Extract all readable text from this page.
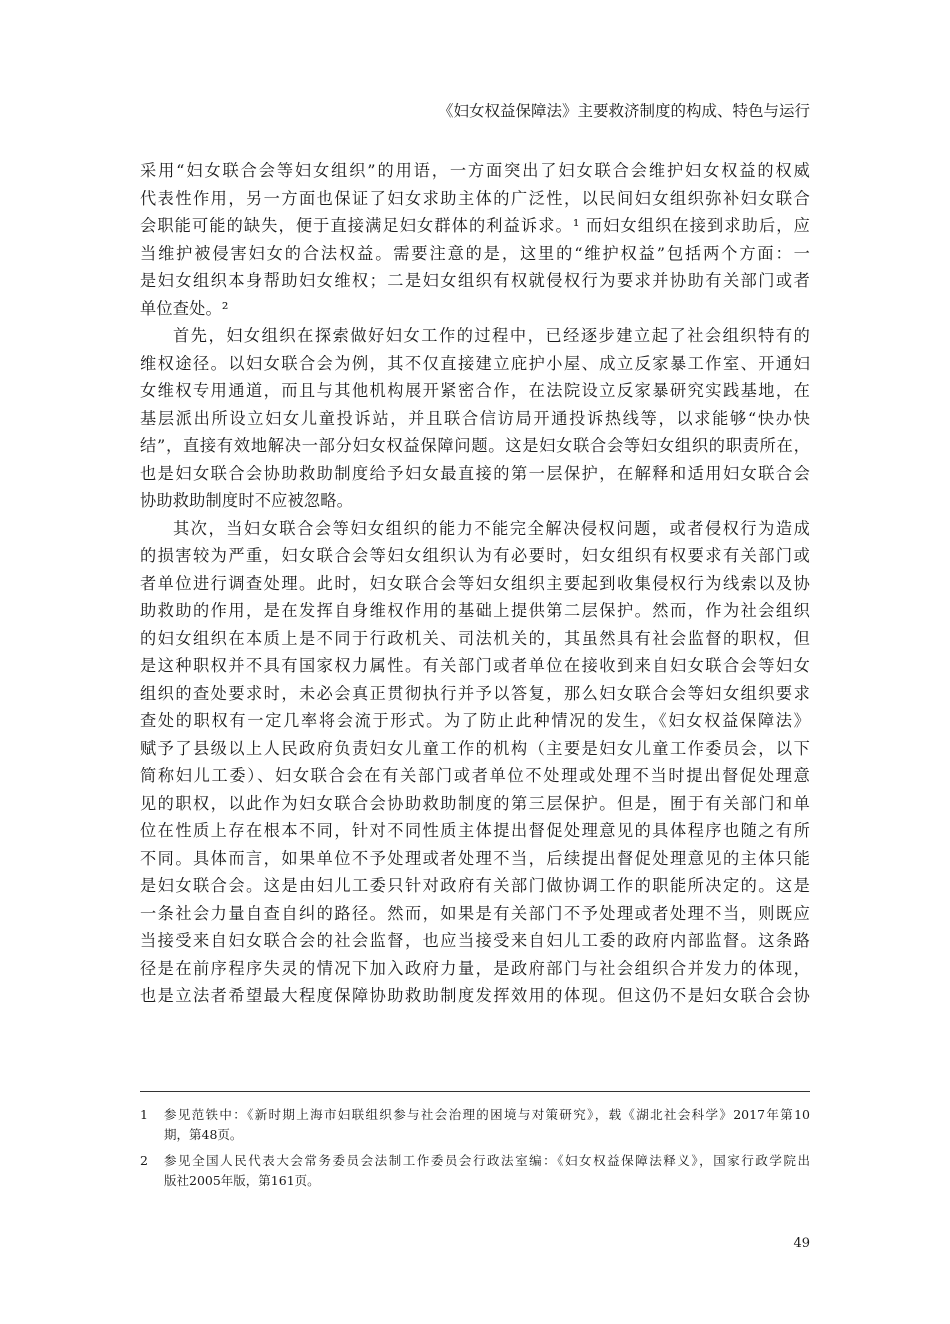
《妇女权益保障法》主要救济制度的构成、特色与运行
采用“妇女联合会等妇女组织”的用语，一方面突出了妇女联合会维护妇女权益的权威
代表性作用，另一方面也保证了妇女求助主体的广泛性，以民间妇女组织弥补妇女联合
会职能可能的缺失，便于直接满足妇女群体的利益诉求。¹ 而妇女组织在接到求助后，应
当维护被侵害妇女的合法权益。需要注意的是，这里的“维护权益”包括两个方面：一
是妇女组织本身帮助妇女维权；二是妇女组织有权就侵权行为要求并协助有关部门或者
单位查处。²
首先，妇女组织在探索做好妇女工作的过程中，已经逐步建立起了社会组织特有的
维权途径。以妇女联合会为例，其不仅直接建立庇护小屋、成立反家暴工作室、开通妇
女维权专用通道，而且与其他机构展开紧密合作，在法院设立反家暴研究实践基地，在
基层派出所设立妇女儿童投诉站，并且联合信访局开通投诉热线等，以求能够“快办快
结”，直接有效地解决一部分妇女权益保障问题。这是妇女联合会等妇女组织的职责所在，
也是妇女联合会协助救助制度给予妇女最直接的第一层保护，在解释和适用妇女联合会
协助救助制度时不应被忽略。
其次，当妇女联合会等妇女组织的能力不能完全解决侵权问题，或者侵权行为造成
的损害较为严重，妇女联合会等妇女组织认为有必要时，妇女组织有权要求有关部门或
者单位进行调查处理。此时，妇女联合会等妇女组织主要起到收集侵权行为线索以及协
助救助的作用，是在发挥自身维权作用的基础上提供第二层保护。然而，作为社会组织
的妇女组织在本质上是不同于行政机关、司法机关的，其虽然具有社会监督的职权，但
是这种职权并不具有国家权力属性。有关部门或者单位在接收到来自妇女联合会等妇女
组织的查处要求时，未必会真正贯彻执行并予以答复，那么妇女联合会等妇女组织要求
查处的职权有一定几率将会流于形式。为了防止此种情况的发生，《妇女权益保障法》
赋予了县级以上人民政府负责妇女儿童工作的机构（主要是妇女儿童工作委员会，以下
简称妇儿工委）、妇女联合会在有关部门或者单位不处理或处理不当时提出督促处理意
见的职权，以此作为妇女联合会协助救助制度的第三层保护。但是，囿于有关部门和单
位在性质上存在根本不同，针对不同性质主体提出督促处理意见的具体程序也随之有所
不同。具体而言，如果单位不予处理或者处理不当，后续提出督促处理意见的主体只能
是妇女联合会。这是由妇儿工委只针对政府有关部门做协调工作的职能所决定的。这是
一条社会力量自查自纠的路径。然而，如果是有关部门不予处理或者处理不当，则既应
当接受来自妇女联合会的社会监督，也应当接受来自妇儿工委的政府内部监督。这条路
径是在前序程序失灵的情况下加入政府力量，是政府部门与社会组织合并发力的体现，
也是立法者希望最大程度保障协助救助制度发挥效用的体现。但这仍不是妇女联合会协
1	参见范铁中：《新时期上海市妇联组织参与社会治理的困境与对策研究》，载《湖北社会科学》2017年第10
期，第48页。
2	参见全国人民代表大会常务委员会法制工作委员会行政法室编：《妇女权益保障法释义》，国家行政学院出
版社2005年版，第161页。
49
